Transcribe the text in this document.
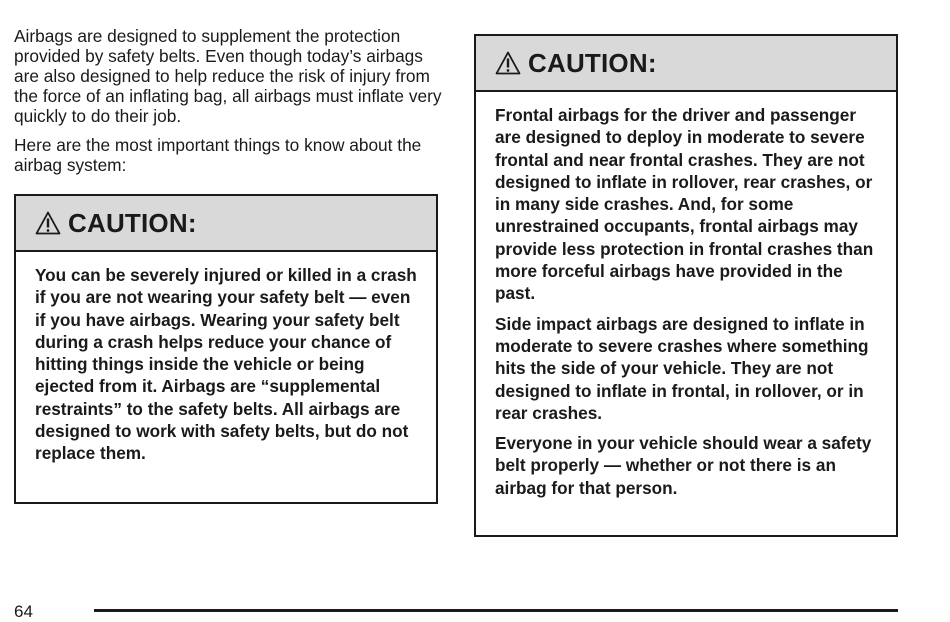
Airbags are designed to supplement the protection provided by safety belts. Even though today’s airbags are also designed to help reduce the risk of injury from the force of an inflating bag, all airbags must inflate very quickly to do their job.

Here are the most important things to know about the airbag system:

CAUTION:

You can be severely injured or killed in a crash if you are not wearing your safety belt — even if you have airbags. Wearing your safety belt during a crash helps reduce your chance of hitting things inside the vehicle or being ejected from it. Airbags are “supplemental restraints” to the safety belts. All airbags are designed to work with safety belts, but do not replace them.

CAUTION:

Frontal airbags for the driver and passenger are designed to deploy in moderate to severe frontal and near frontal crashes. They are not designed to inflate in rollover, rear crashes, or in many side crashes. And, for some unrestrained occupants, frontal airbags may provide less protection in frontal crashes than more forceful airbags have provided in the past.

Side impact airbags are designed to inflate in moderate to severe crashes where something hits the side of your vehicle. They are not designed to inflate in frontal, in rollover, or in rear crashes.

Everyone in your vehicle should wear a safety belt properly — whether or not there is an airbag for that person.

64
